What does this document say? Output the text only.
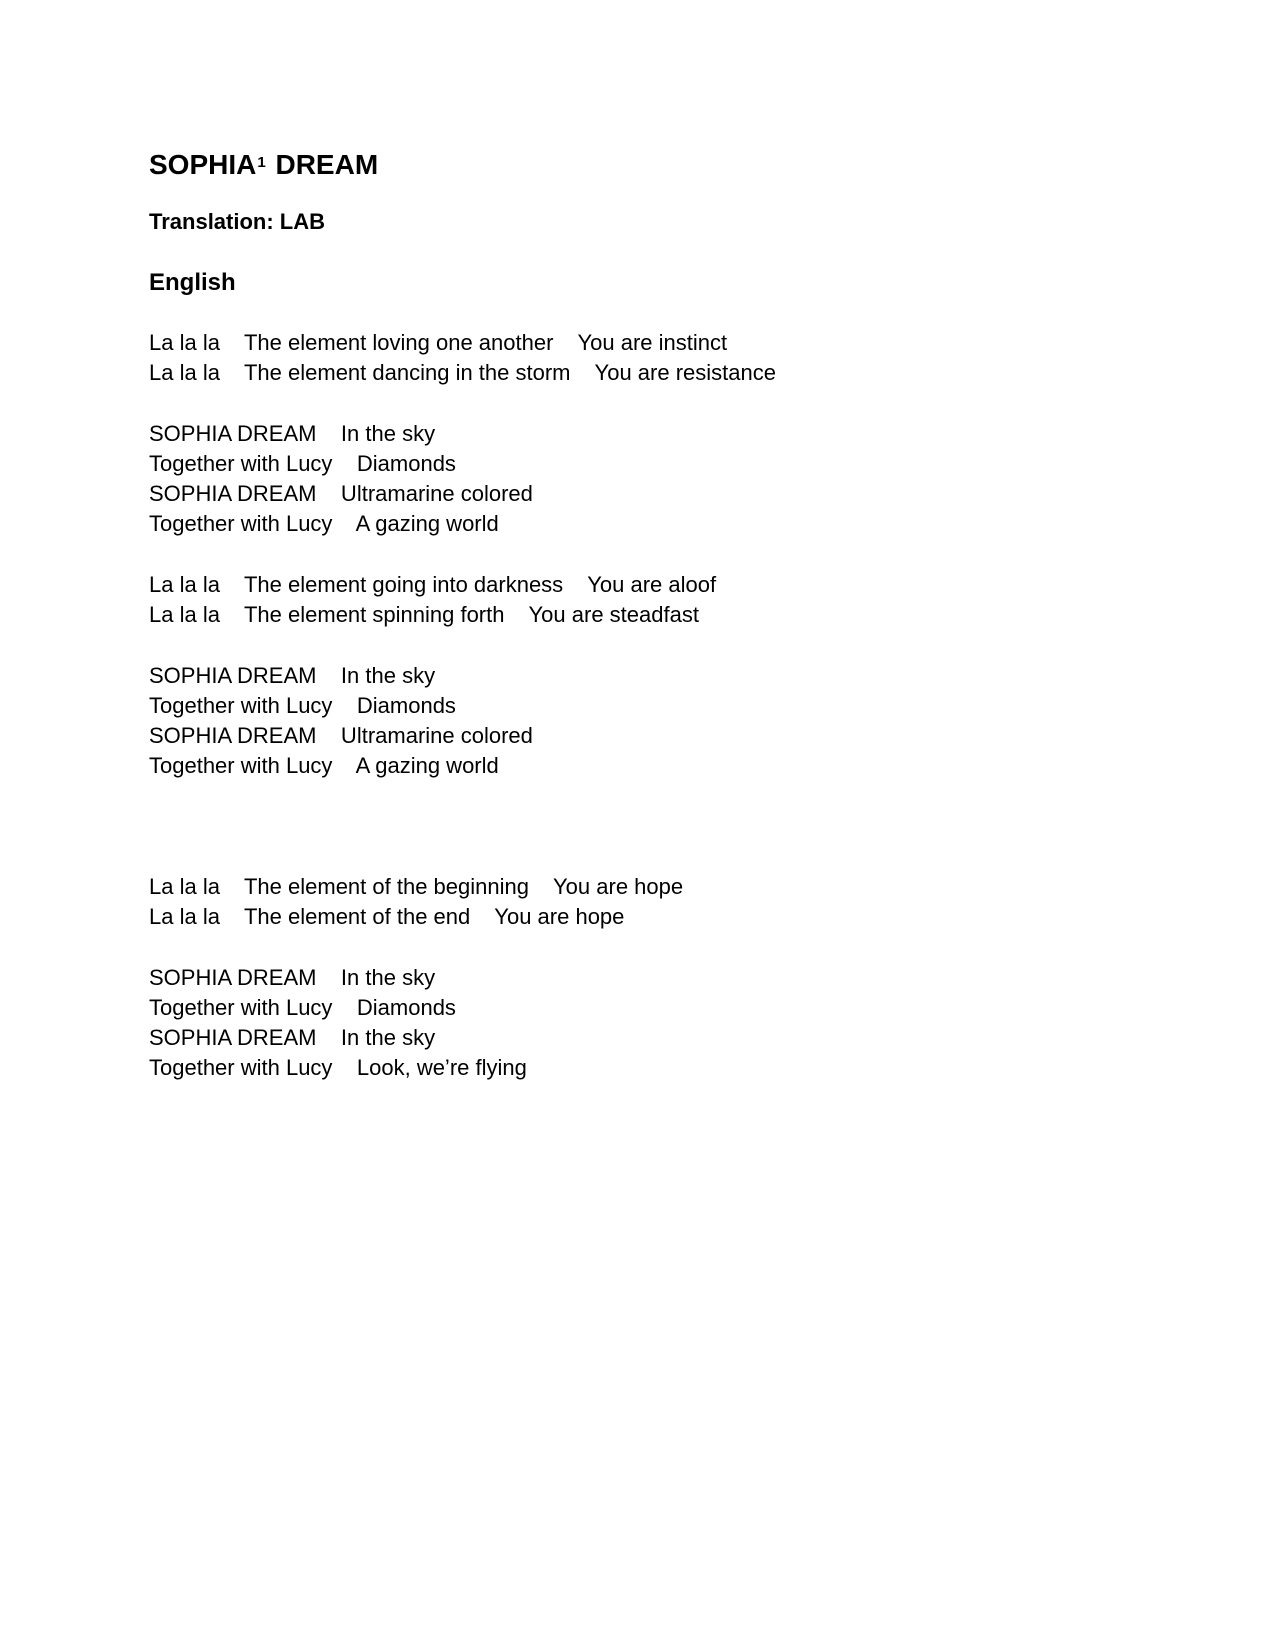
SOPHIA$^1$ DREAM
Translation: LAB
English
La la la    The element loving one another    You are instinct
La la la    The element dancing in the storm    You are resistance
SOPHIA DREAM    In the sky
Together with Lucy    Diamonds
SOPHIA DREAM    Ultramarine colored
Together with Lucy    A gazing world
La la la    The element going into darkness    You are aloof
La la la    The element spinning forth    You are steadfast
SOPHIA DREAM    In the sky
Together with Lucy    Diamonds
SOPHIA DREAM    Ultramarine colored
Together with Lucy    A gazing world
La la la    The element of the beginning    You are hope
La la la    The element of the end    You are hope
SOPHIA DREAM    In the sky
Together with Lucy    Diamonds
SOPHIA DREAM    In the sky
Together with Lucy    Look, we’re flying
